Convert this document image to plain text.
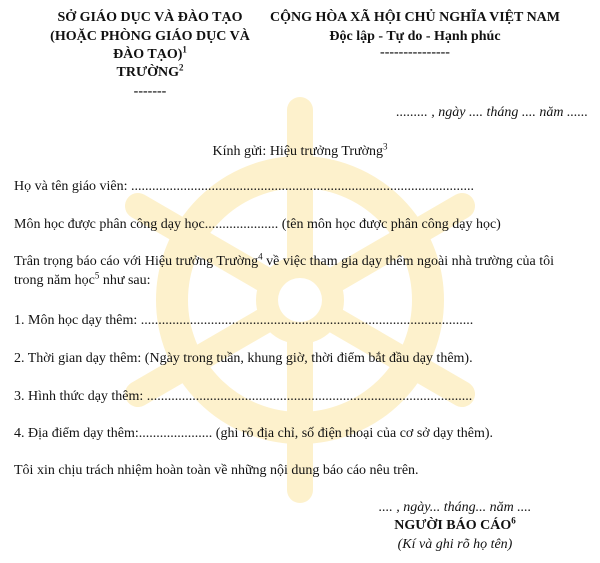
SỞ GIÁO DỤC VÀ ĐÀO TẠO
(HOẶC PHÒNG GIÁO DỤC VÀ
ĐÀO TẠO)$^1$
TRƯỜNG$^2$
-------
CỘNG HÒA XÃ HỘI CHỦ NGHĨA VIỆT NAM
Độc lập - Tự do - Hạnh phúc
---------------
......... , ngày .... tháng .... năm ......
Kính gửi: Hiệu trưởng Trường$^3$
Họ và tên giáo viên: ..................................................................................................
Môn học được phân công dạy học..................... (tên môn học được phân công dạy học)
Trân trọng báo cáo với Hiệu trưởng Trường$^4$ về việc tham gia dạy thêm ngoài nhà trường của tôi
trong năm học$^5$ như sau:
1. Môn học dạy thêm: ...............................................................................................
2. Thời gian dạy thêm: (Ngày trong tuần, khung giờ, thời điểm bắt đầu dạy thêm).
3. Hình thức dạy thêm: .............................................................................................
4. Địa điểm dạy thêm:..................... (ghi rõ địa chỉ, số điện thoại của cơ sở dạy thêm).
Tôi xin chịu trách nhiệm hoàn toàn về những nội dung báo cáo nêu trên.
.... , ngày... tháng... năm ....
NGƯỜI BÁO CÁO$^6$
(Kí và ghi rõ họ tên)
